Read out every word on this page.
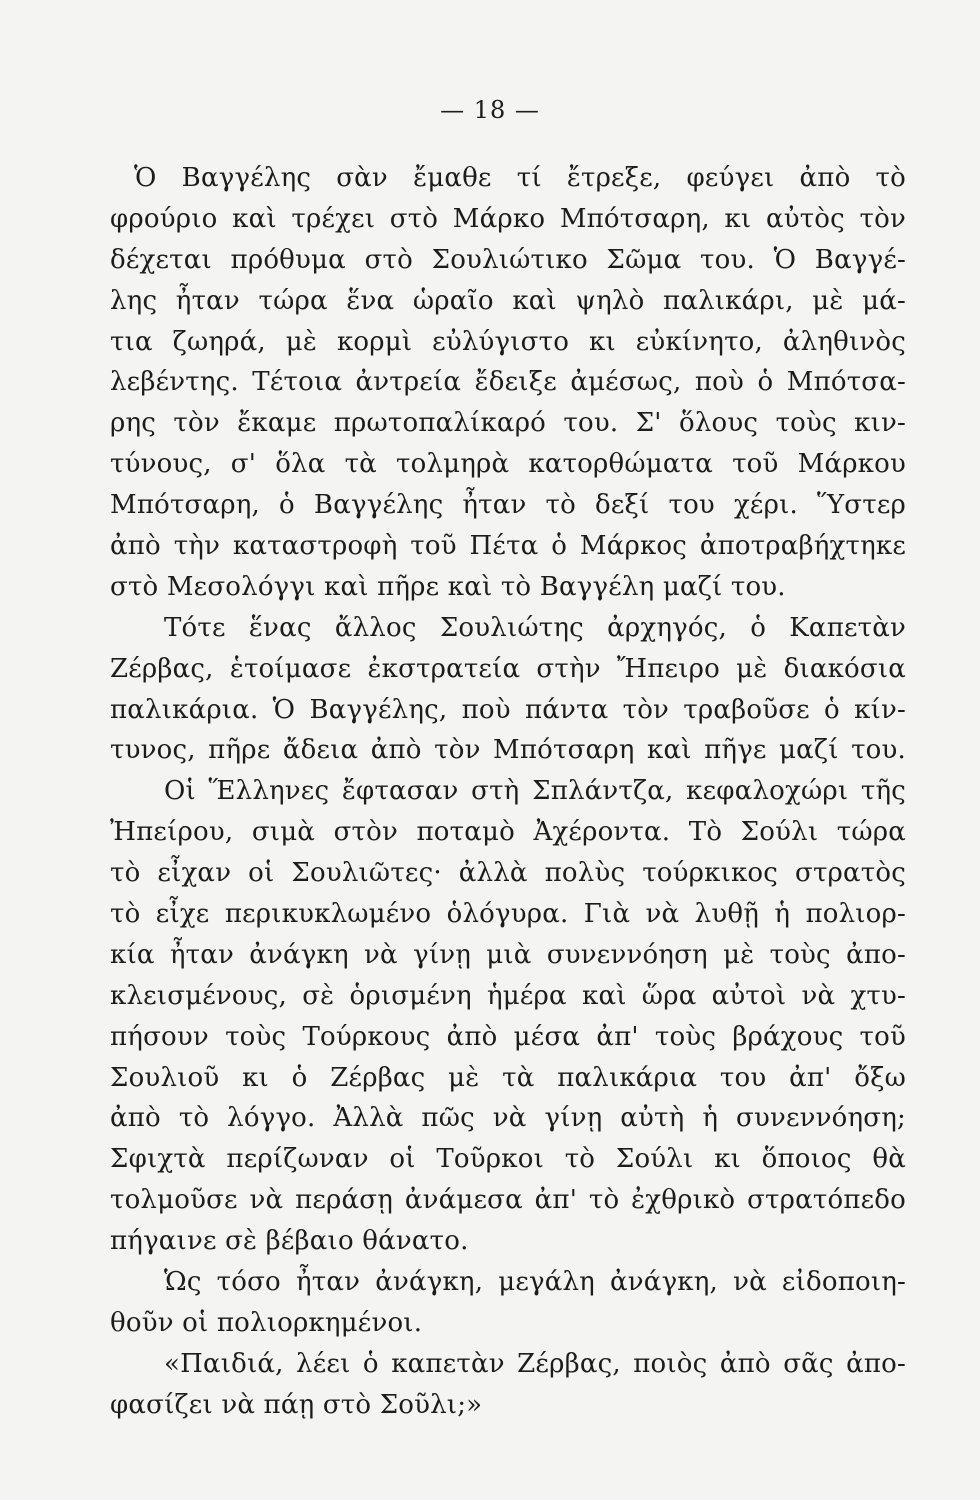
— 18 —
Ὁ Βαγγέλης σὰν ἔμαθε τί ἔτρεξε, φεύγει ἀπὸ τὸ
φρούριο καὶ τρέχει στὸ Μάρκο Μπότσαρη, κι αὐτὸς τὸν
δέχεται πρόθυμα στὸ Σουλιώτικο Σῶμα του. Ὁ Βαγγέ-
λης ἦταν τώρα ἕνα ὡραῖο καὶ ψηλὸ παλικάρι, μὲ μά-
τια ζωηρά, μὲ κορμὶ εὐλύγιστο κι εὐκίνητο, ἀληθινὸς
λεβέντης. Τέτοια ἀντρεία ἔδειξε ἀμέσως, ποὺ ὁ Μπότσα-
ρης τὸν ἔκαμε πρωτοπαλίκαρό του. Σ' ὅλους τοὺς κιν-
τύνους, σ' ὅλα τὰ τολμηρὰ κατορθώματα τοῦ Μάρκου
Μπότσαρη, ὁ Βαγγέλης ἦταν τὸ δεξί του χέρι. Ὕστερ
ἀπὸ τὴν καταστροφὴ τοῦ Πέτα ὁ Μάρκος ἀποτραβήχτηκε
στὸ Μεσολόγγι καὶ πῆρε καὶ τὸ Βαγγέλη μαζί του.
Τότε ἕνας ἄλλος Σουλιώτης ἀρχηγός, ὁ Καπετὰν
Ζέρβας, ἑτοίμασε ἐκστρατεία στὴν Ἤπειρο μὲ διακόσια
παλικάρια. Ὁ Βαγγέλης, ποὺ πάντα τὸν τραβοῦσε ὁ κίν-
τυνος, πῆρε ἄδεια ἀπὸ τὸν Μπότσαρη καὶ πῆγε μαζί του.
Οἱ Ἕλληνες ἔφτασαν στὴ Σπλάντζα, κεφαλοχώρι τῆς
Ἠπείρου, σιμὰ στὸν ποταμὸ Ἀχέροντα. Τὸ Σούλι τώρα
τὸ εἶχαν οἱ Σουλιῶτες· ἀλλὰ πολὺς τούρκικος στρατὸς
τὸ εἶχε περικυκλωμένο ὁλόγυρα. Γιὰ νὰ λυθῇ ἡ πολιορ-
κία ἦταν ἀνάγκη νὰ γίνῃ μιὰ συνεννόηση μὲ τοὺς ἀπο-
κλεισμένους, σὲ ὁρισμένη ἡμέρα καὶ ὥρα αὐτοὶ νὰ χτυ-
πήσουν τοὺς Τούρκους ἀπὸ μέσα ἀπ' τοὺς βράχους τοῦ
Σουλιοῦ κι ὁ Ζέρβας μὲ τὰ παλικάρια του ἀπ' ὄξω
ἀπὸ τὸ λόγγο. Ἀλλὰ πῶς νὰ γίνῃ αὐτὴ ἡ συνεννόηση;
Σφιχτὰ περίζωναν οἱ Τοῦρκοι τὸ Σούλι κι ὅποιος θὰ
τολμοῦσε νὰ περάσῃ ἀνάμεσα ἀπ' τὸ ἐχθρικὸ στρατόπεδο
πήγαινε σὲ βέβαιο θάνατο.
Ὡς τόσο ἦταν ἀνάγκη, μεγάλη ἀνάγκη, νὰ εἰδοποιη-
θοῦν οἱ πολιορκημένοι.
«Παιδιά, λέει ὁ καπετὰν Ζέρβας, ποιὸς ἀπὸ σᾶς ἀπο-
φασίζει νὰ πάῃ στὸ Σοῦλι;»
